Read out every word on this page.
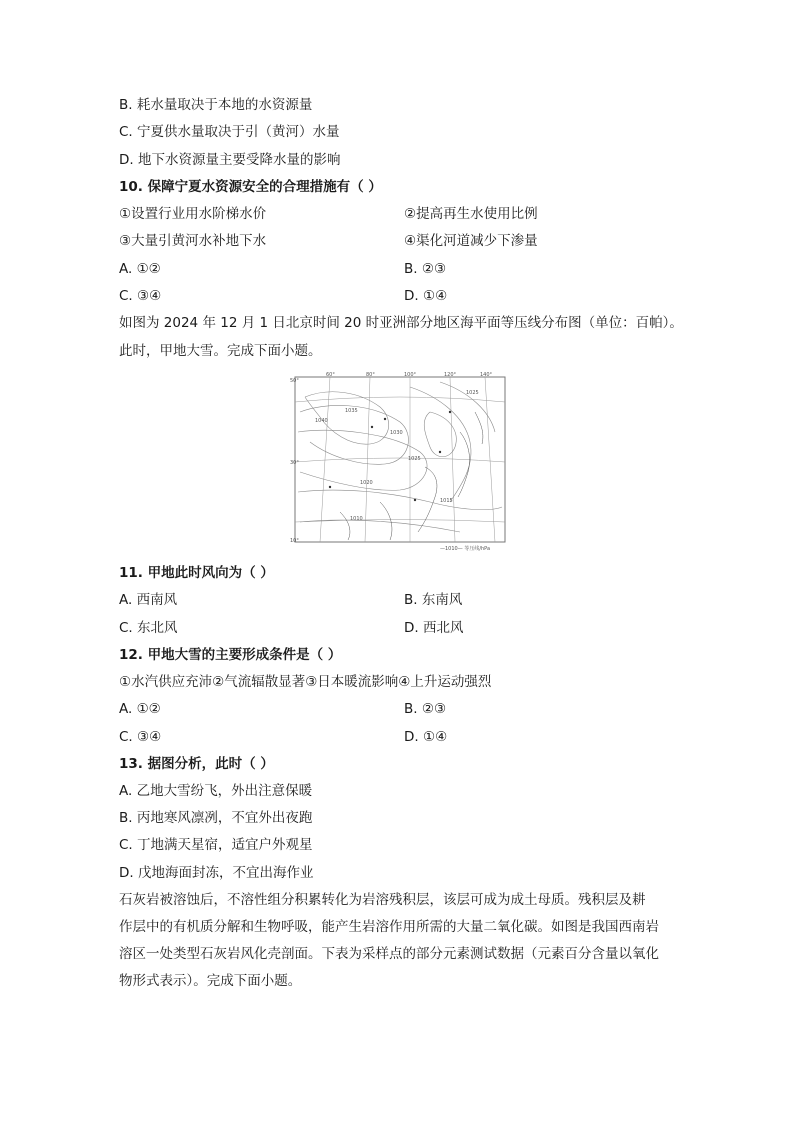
B. 耗水量取决于本地的水资源量
C. 宁夏供水量取决于引（黄河）水量
D. 地下水资源量主要受降水量的影响
10. 保障宁夏水资源安全的合理措施有（ ）
①设置行业用水阶梯水价	②提高再生水使用比例
③大量引黄河水补地下水	④渠化河道减少下渗量
A. ①②	B. ②③
C. ③④	D. ①④
如图为 2024 年 12 月 1 日北京时间 20 时亚洲部分地区海平面等压线分布图（单位：百帕）。
此时，甲地大雪。完成下面小题。
50°
30°
10°
60°	80°	100°	120°	140°
1035
1030
1025
1020
1015
1010
1040
1025
—1010— 等压线/hPa
11. 甲地此时风向为（ ）
A. 西南风	B. 东南风
C. 东北风	D. 西北风
12. 甲地大雪的主要形成条件是（ ）
①水汽供应充沛②气流辐散显著③日本暖流影响④上升运动强烈
A. ①②	B. ②③
C. ③④	D. ①④
13. 据图分析，此时（ ）
A. 乙地大雪纷飞，外出注意保暖
B. 丙地寒风凛冽，不宜外出夜跑
C. 丁地满天星宿，适宜户外观星
D. 戊地海面封冻，不宜出海作业
石灰岩被溶蚀后，不溶性组分积累转化为岩溶残积层，该层可成为成土母质。残积层及耕
作层中的有机质分解和生物呼吸，能产生岩溶作用所需的大量二氧化碳。如图是我国西南岩
溶区一处类型石灰岩风化壳剖面。下表为采样点的部分元素测试数据（元素百分含量以氧化
物形式表示）。完成下面小题。
